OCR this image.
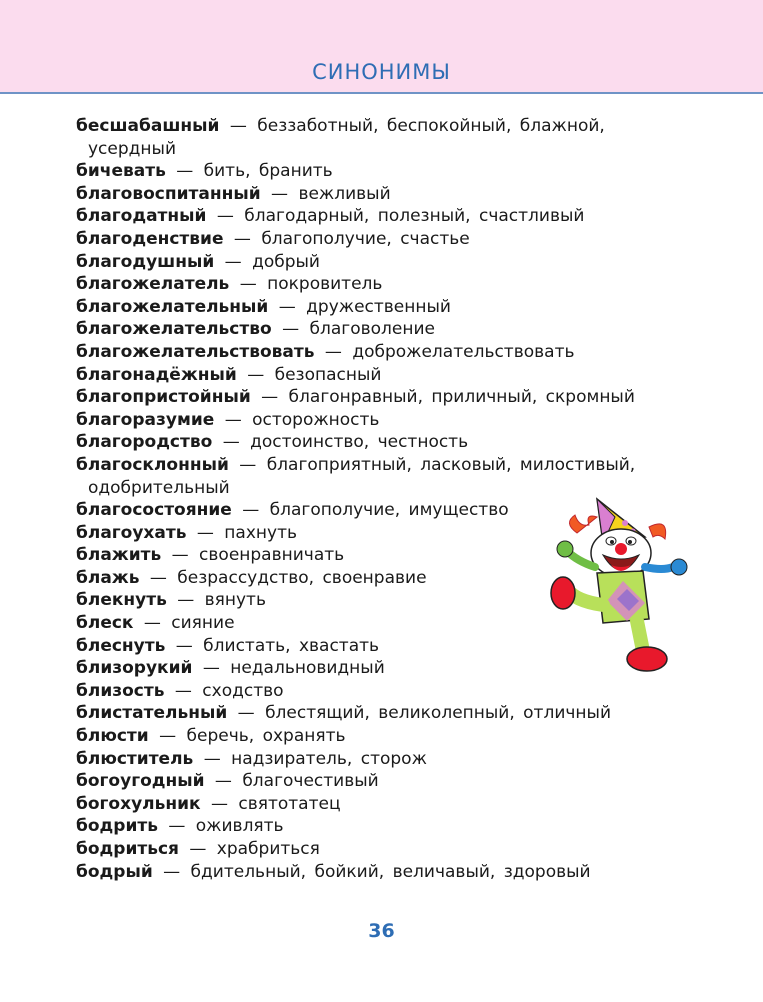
СИНОНИМЫ
бесшабашный — беззаботный, беспокойный, блажной,
усердный
бичевать — бить, бранить
благовоспитанный — вежливый
благодатный — благодарный, полезный, счастливый
благоденствие — благополучие, счастье
благодушный — добрый
благожелатель — покровитель
благожелательный — дружественный
благожелательство — благоволение
благожелательствовать — доброжелательствовать
благонадёжный — безопасный
благопристойный — благонравный, приличный, скромный
благоразумие — осторожность
благородство — достоинство, честность
благосклонный — благоприятный, ласковый, милостивый,
одобрительный
благосостояние — благополучие, имущество
благоухать — пахнуть
блажить — своенравничать
блажь — безрассудство, своенравие
блекнуть — вянуть
блеск — сияние
блеснуть — блистать, хвастать
близорукий — недальновидный
близость — сходство
блистательный — блестящий, великолепный, отличный
блюсти — беречь, охранять
блюститель — надзиратель, сторож
богоугодный — благочестивый
богохульник — святотатец
бодрить — оживлять
бодриться — храбриться
бодрый — бдительный, бойкий, величавый, здоровый
36
